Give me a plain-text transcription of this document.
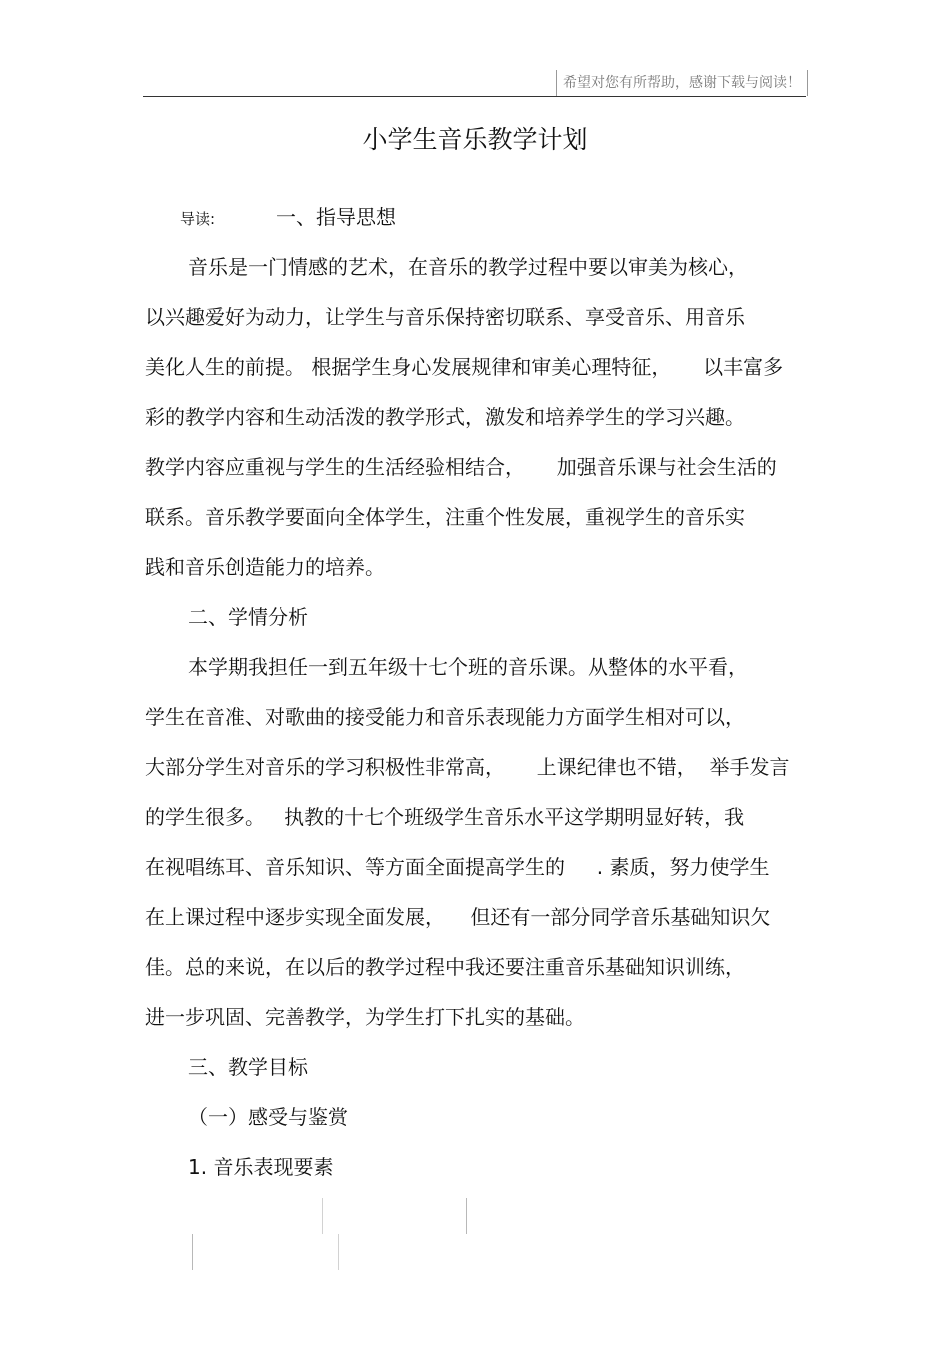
希望对您有所帮助，感谢下载与阅读！
小学生音乐教学计划
导读:	一、指导思想
音乐是一门情感的艺术，在音乐的教学过程中要以审美为核心，
以兴趣爱好为动力，让学生与音乐保持密切联系、享受音乐、用音乐
美化人生的前提。 根据学生身心发展规律和审美心理特征，     以丰富多
彩的教学内容和生动活泼的教学形式，激发和培养学生的学习兴趣。
教学内容应重视与学生的生活经验相结合，     加强音乐课与社会生活的
联系。音乐教学要面向全体学生，注重个性发展，重视学生的音乐实
践和音乐创造能力的培养。
二、学情分析
本学期我担任一到五年级十七个班的音乐课。从整体的水平看，
学生在音准、对歌曲的接受能力和音乐表现能力方面学生相对可以，
大部分学生对音乐的学习积极性非常高，     上课纪律也不错，  举手发言
的学生很多。   执教的十七个班级学生音乐水平这学期明显好转，我
在视唱练耳、音乐知识、等方面全面提高学生的     . 素质，努力使学生
在上课过程中逐步实现全面发展，    但还有一部分同学音乐基础知识欠
佳。总的来说，在以后的教学过程中我还要注重音乐基础知识训练，
进一步巩固、完善教学，为学生打下扎实的基础。
三、教学目标
（一）感受与鉴赏
1. 音乐表现要素
